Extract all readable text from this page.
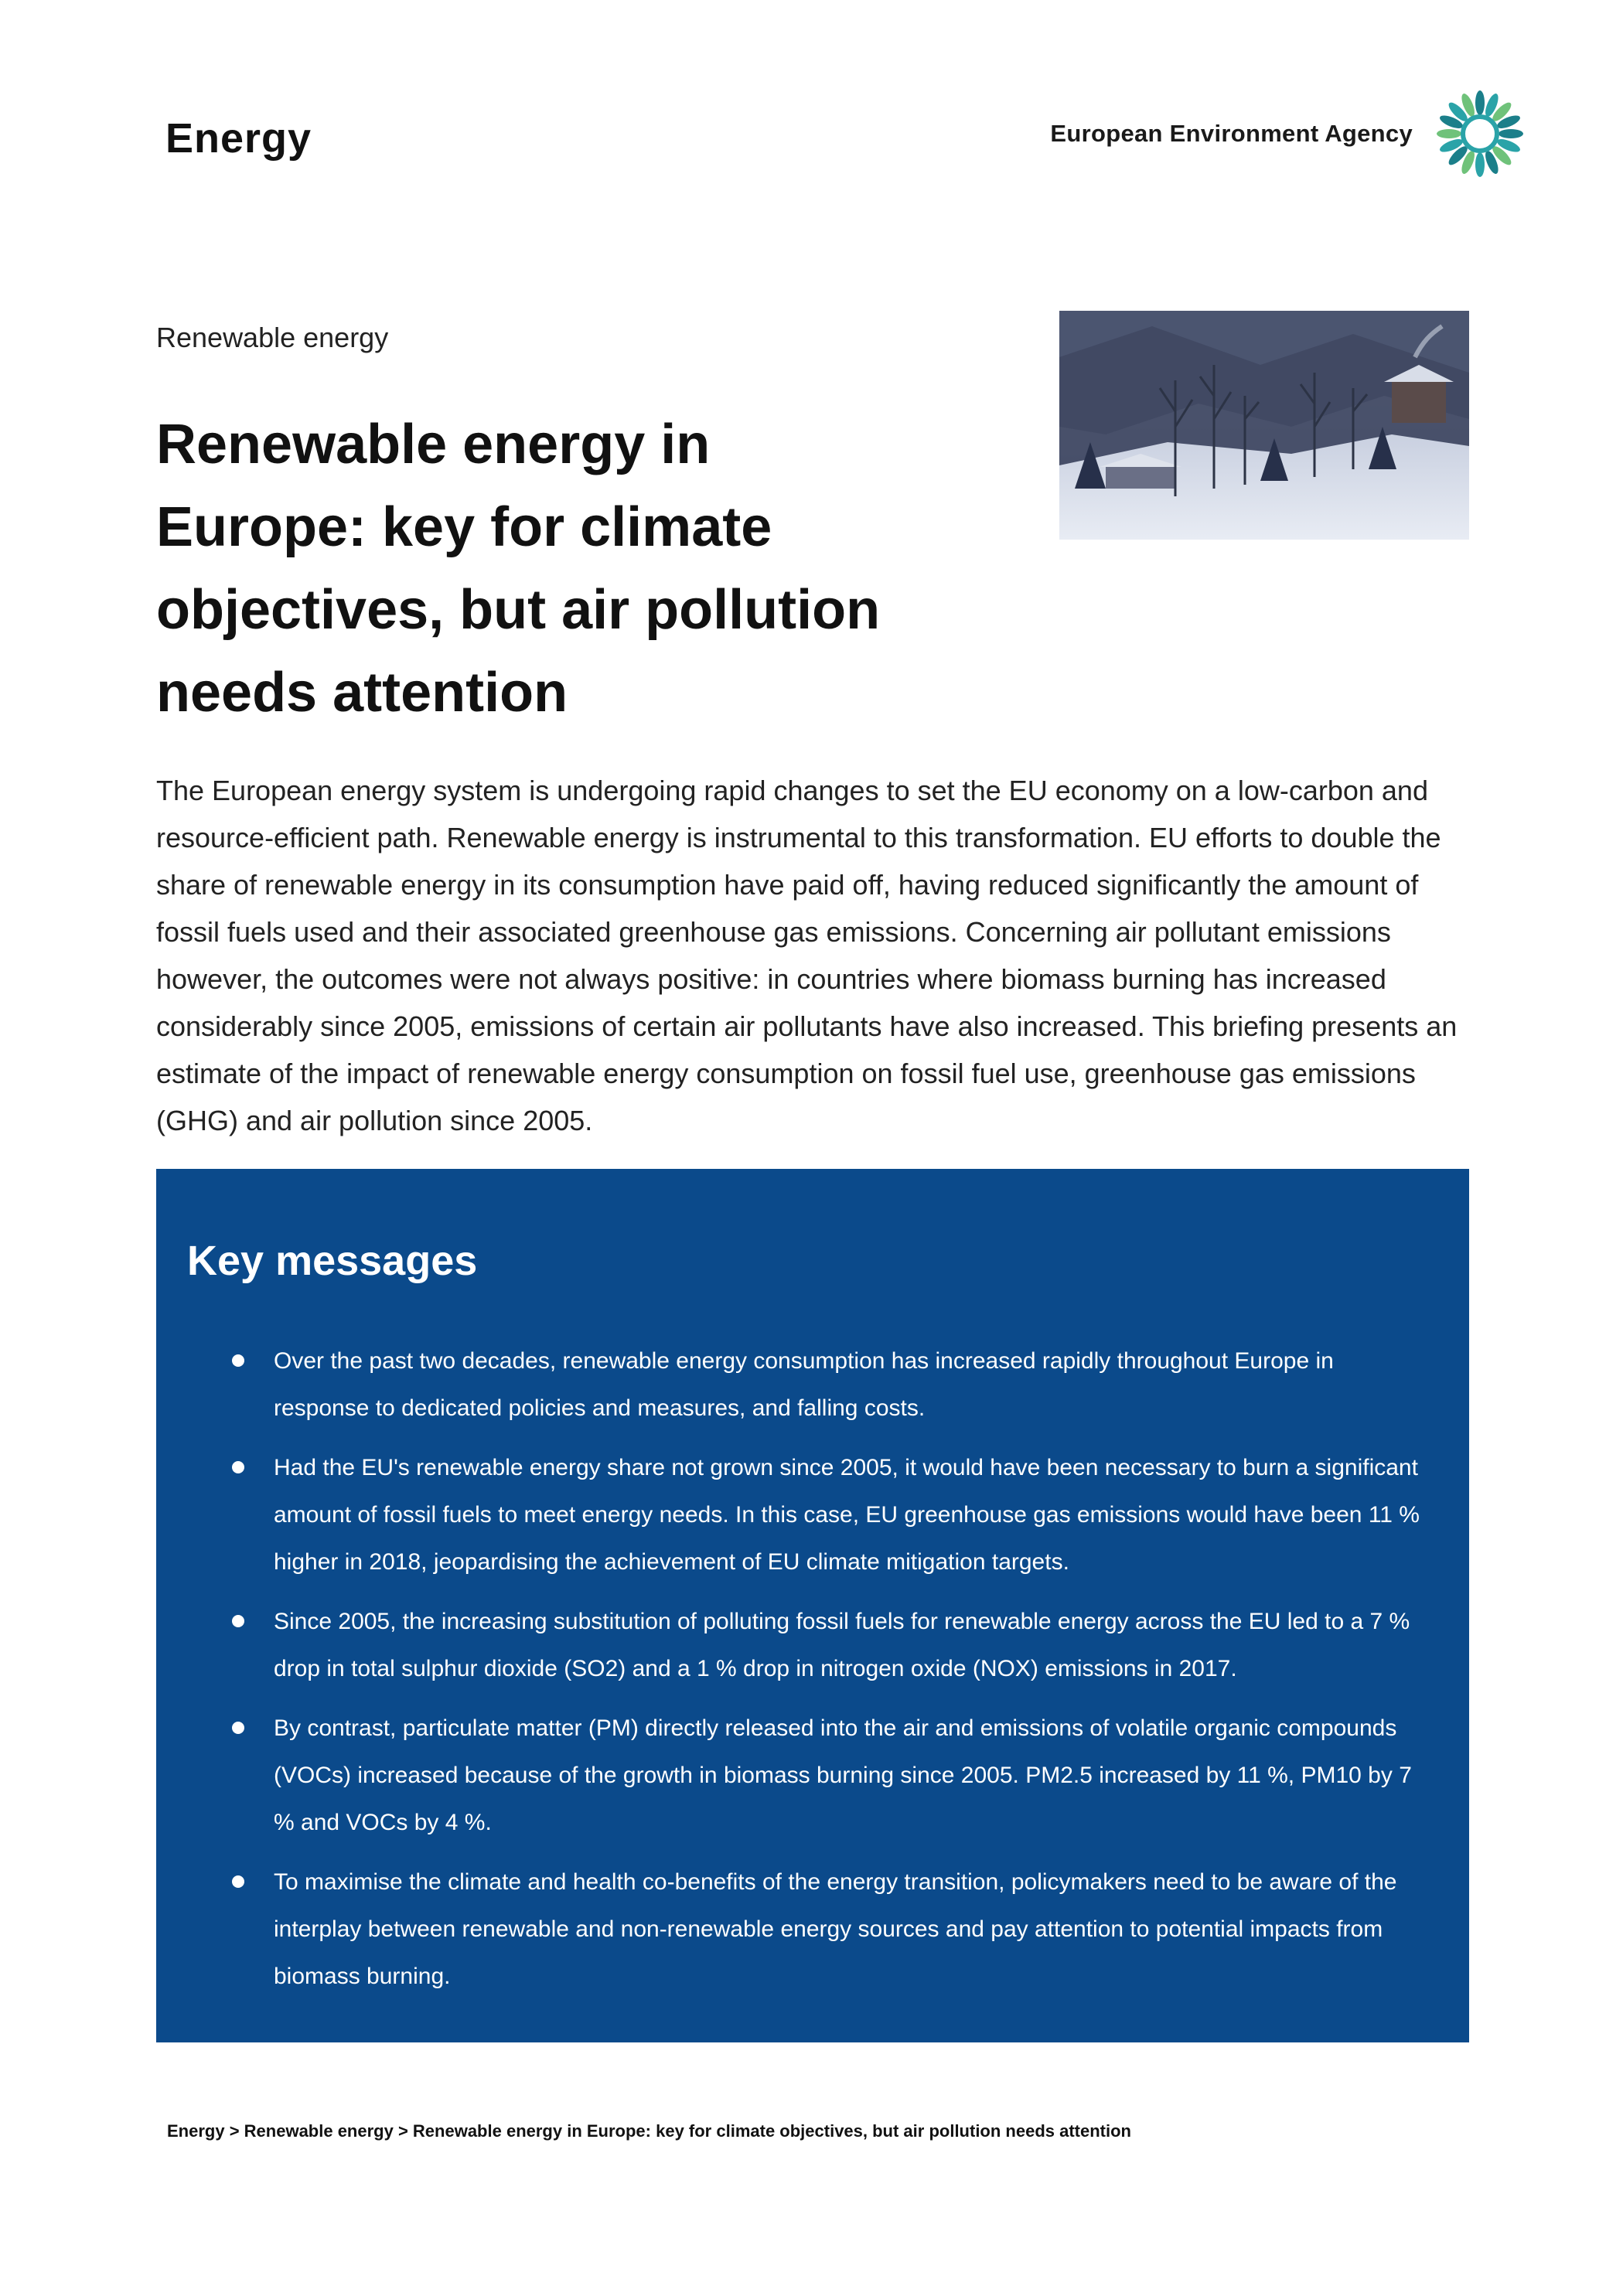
Energy	European Environment Agency
Renewable energy
Renewable energy in
Europe: key for climate
objectives, but air pollution
needs attention

The European energy system is undergoing rapid changes to set the EU economy on a low-carbon and resource-efficient path. Renewable energy is instrumental to this transformation. EU efforts to double the share of renewable energy in its consumption have paid off, having reduced significantly the amount of fossil fuels used and their associated greenhouse gas emissions. Concerning air pollutant emissions however, the outcomes were not always positive: in countries where biomass burning has increased considerably since 2005, emissions of certain air pollutants have also increased. This briefing presents an estimate of the impact of renewable energy consumption on fossil fuel use, greenhouse gas emissions (GHG) and air pollution since 2005.

Key messages
Over the past two decades, renewable energy consumption has increased rapidly throughout Europe in response to dedicated policies and measures, and falling costs.
Had the EU's renewable energy share not grown since 2005, it would have been necessary to burn a significant amount of fossil fuels to meet energy needs. In this case, EU greenhouse gas emissions would have been 11 % higher in 2018, jeopardising the achievement of EU climate mitigation targets.
Since 2005, the increasing substitution of polluting fossil fuels for renewable energy across the EU led to a 7 % drop in total sulphur dioxide (SO2) and a 1 % drop in nitrogen oxide (NOX) emissions in 2017.
By contrast, particulate matter (PM) directly released into the air and emissions of volatile organic compounds (VOCs) increased because of the growth in biomass burning since 2005. PM2.5 increased by 11 %, PM10 by 7 % and VOCs by 4 %.
To maximise the climate and health co-benefits of the energy transition, policymakers need to be aware of the interplay between renewable and non-renewable energy sources and pay attention to potential impacts from biomass burning.
Energy > Renewable energy > Renewable energy in Europe: key for climate objectives, but air pollution needs attention
